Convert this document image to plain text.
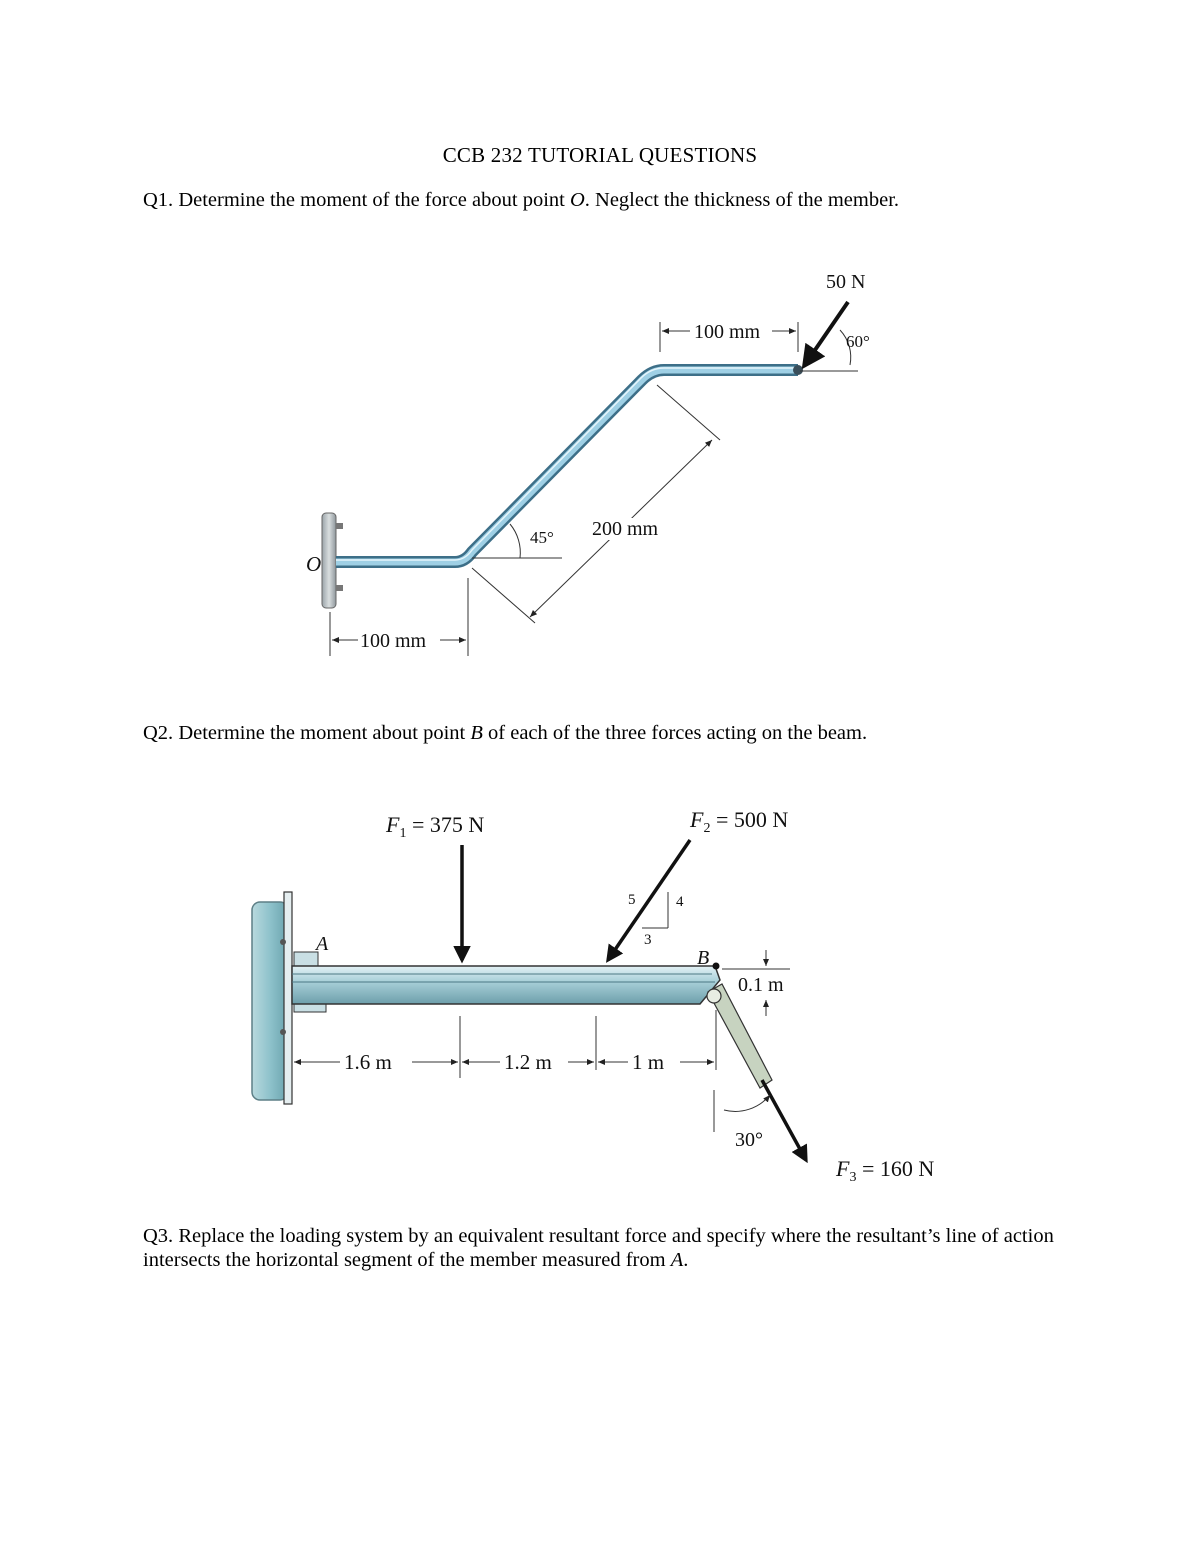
CCB 232 TUTORIAL QUESTIONS
Q1. Determine the moment of the force about point O. Neglect the thickness of the member.
O
50 N
60°
100 mm
200 mm
45°
100 mm
Q2. Determine the moment about point B of each of the three forces acting on the beam.
A
B
$F_1 = 375$ N	$F_2 = 500$ N
5	4
3
$F_3 = 160$ N
30°
0.1 m
1.6 m	1.2 m	1 m
Q3. Replace the loading system by an equivalent resultant force and specify where the resultant’s line of action intersects the horizontal segment of the member measured from A.
